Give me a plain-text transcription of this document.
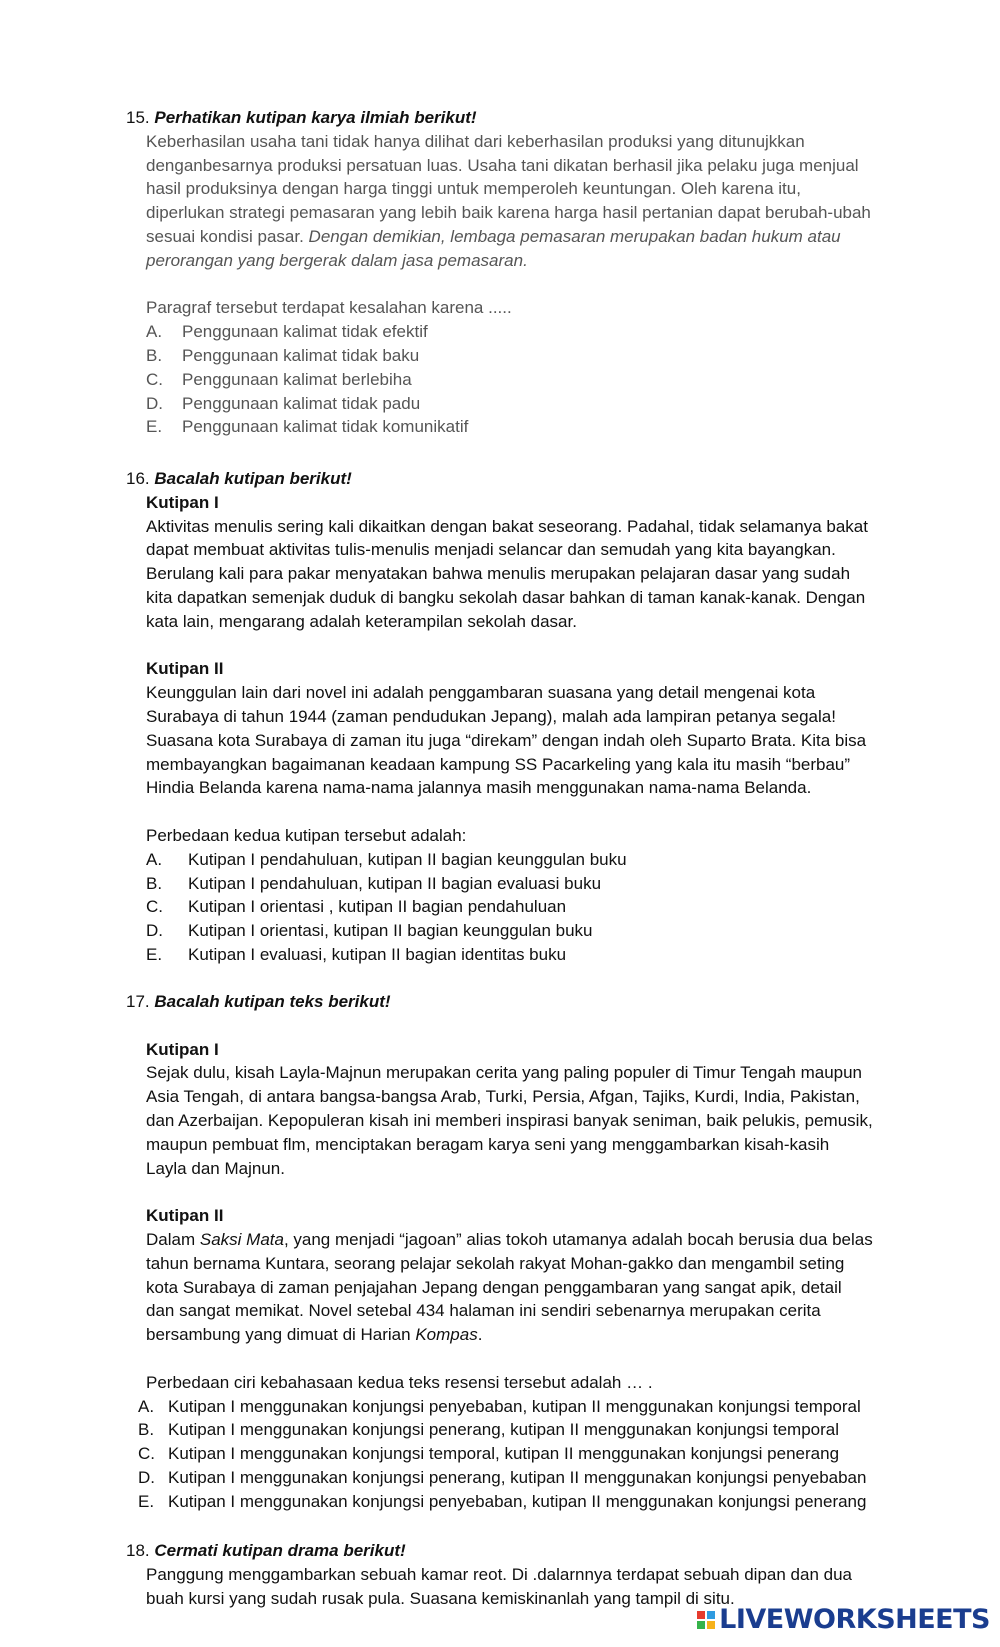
15. Perhatikan kutipan karya ilmiah berikut!

Keberhasilan usaha tani tidak hanya dilihat dari keberhasilan produksi yang ditunujkkan

denganbesarnya produksi persatuan luas. Usaha tani dikatan berhasil jika pelaku juga menjual

hasil produksinya dengan harga tinggi untuk memperoleh keuntungan. Oleh karena itu,

diperlukan strategi pemasaran yang lebih baik karena harga hasil pertanian dapat berubah-ubah

sesuai kondisi pasar. Dengan demikian, lembaga pemasaran merupakan badan hukum atau

perorangan yang bergerak dalam jasa pemasaran.

Paragraf tersebut terdapat kesalahan karena .....

A.	Penggunaan kalimat tidak efektif

B.	Penggunaan kalimat tidak baku

C.	Penggunaan kalimat berlebiha

D.	Penggunaan kalimat tidak padu

E.	Penggunaan kalimat tidak komunikatif

16. Bacalah kutipan berikut!

Kutipan I

Aktivitas menulis sering kali dikaitkan dengan bakat seseorang. Padahal, tidak selamanya bakat

dapat membuat aktivitas tulis-menulis menjadi selancar dan semudah yang kita bayangkan.

Berulang kali para pakar menyatakan bahwa menulis merupakan pelajaran dasar yang sudah

kita dapatkan semenjak duduk di bangku sekolah dasar bahkan di taman kanak-kanak. Dengan

kata lain, mengarang adalah keterampilan sekolah dasar.

Kutipan II

Keunggulan lain dari novel ini adalah penggambaran suasana yang detail mengenai kota

Surabaya di tahun 1944 (zaman pendudukan Jepang), malah ada lampiran petanya segala!

Suasana kota Surabaya di zaman itu juga “direkam” dengan indah oleh Suparto Brata. Kita bisa

membayangkan bagaimanan keadaan kampung SS Pacarkeling yang kala itu masih “berbau”

Hindia Belanda karena nama-nama jalannya masih menggunakan nama-nama Belanda.

Perbedaan kedua kutipan tersebut adalah:

A.	Kutipan I pendahuluan, kutipan II bagian keunggulan buku

B.	Kutipan I pendahuluan, kutipan II bagian evaluasi buku

C.	Kutipan I orientasi , kutipan II bagian pendahuluan

D.	Kutipan I orientasi, kutipan II bagian keunggulan buku

E.	Kutipan I evaluasi, kutipan II bagian identitas buku

17. Bacalah kutipan teks berikut!

Kutipan I

Sejak dulu, kisah Layla-Majnun merupakan cerita yang paling populer di Timur Tengah maupun

Asia Tengah, di antara bangsa-bangsa Arab, Turki, Persia, Afgan, Tajiks, Kurdi, India, Pakistan,

dan Azerbaijan. Kepopuleran kisah ini memberi inspirasi banyak seniman, baik pelukis, pemusik,

maupun pembuat flm, menciptakan beragam karya seni yang menggambarkan kisah-kasih

Layla dan Majnun.

Kutipan II

Dalam Saksi Mata, yang menjadi “jagoan” alias tokoh utamanya adalah bocah berusia dua belas

tahun bernama Kuntara, seorang pelajar sekolah rakyat Mohan-gakko dan mengambil seting

kota Surabaya di zaman penjajahan Jepang dengan penggambaran yang sangat apik, detail

dan sangat memikat. Novel setebal 434 halaman ini sendiri sebenarnya merupakan cerita

bersambung yang dimuat di Harian Kompas.

Perbedaan ciri kebahasaan kedua teks resensi tersebut adalah … .

A. Kutipan I menggunakan konjungsi penyebaban, kutipan II menggunakan konjungsi temporal

B. Kutipan I menggunakan konjungsi penerang, kutipan II menggunakan konjungsi temporal

C. Kutipan I menggunakan konjungsi temporal, kutipan II menggunakan konjungsi penerang

D. Kutipan I menggunakan konjungsi penerang, kutipan II menggunakan konjungsi penyebaban

E. Kutipan I menggunakan konjungsi penyebaban, kutipan II menggunakan konjungsi penerang

18. Cermati kutipan drama berikut!

Panggung menggambarkan sebuah kamar reot. Di .dalarnnya terdapat sebuah dipan dan dua

buah kursi yang sudah rusak pula. Suasana kemiskinanlah yang tampil di situ.

LIVEWORKSHEETS
